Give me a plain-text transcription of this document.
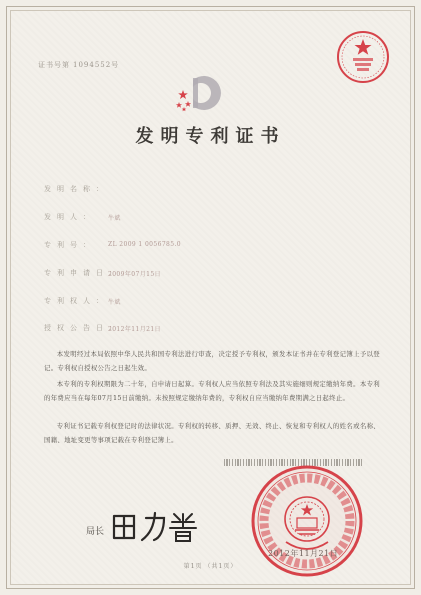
证书号第 1094552号
发明专利证书
发明名称：
发明人： 牛斌
专利号： ZL 2009 1 0056785.0
专利申请日：
2009年07月15日
专利权人： 牛斌
授权公告日：
2012年11月21日
本发明经过本局依照中华人民共和国专利法进行审查，决定授予专利权，颁发本证书并在专利登记簿上予以登记。专利权自授权公告之日起生效。
本专利的专利权期限为二十年，自申请日起算。专利权人应当依照专利法及其实施细则规定缴纳年费。本专利的年费应当在每年07月15日前缴纳。未按照规定缴纳年费的，专利权自应当缴纳年费期满之日起终止。
专利证书记载专利权登记时的法律状况。专利权的转移、质押、无效、终止、恢复和专利权人的姓名或名称、国籍、地址变更等事项记载在专利登记簿上。
局长
2012年11月21日
第1页 （共1页）
